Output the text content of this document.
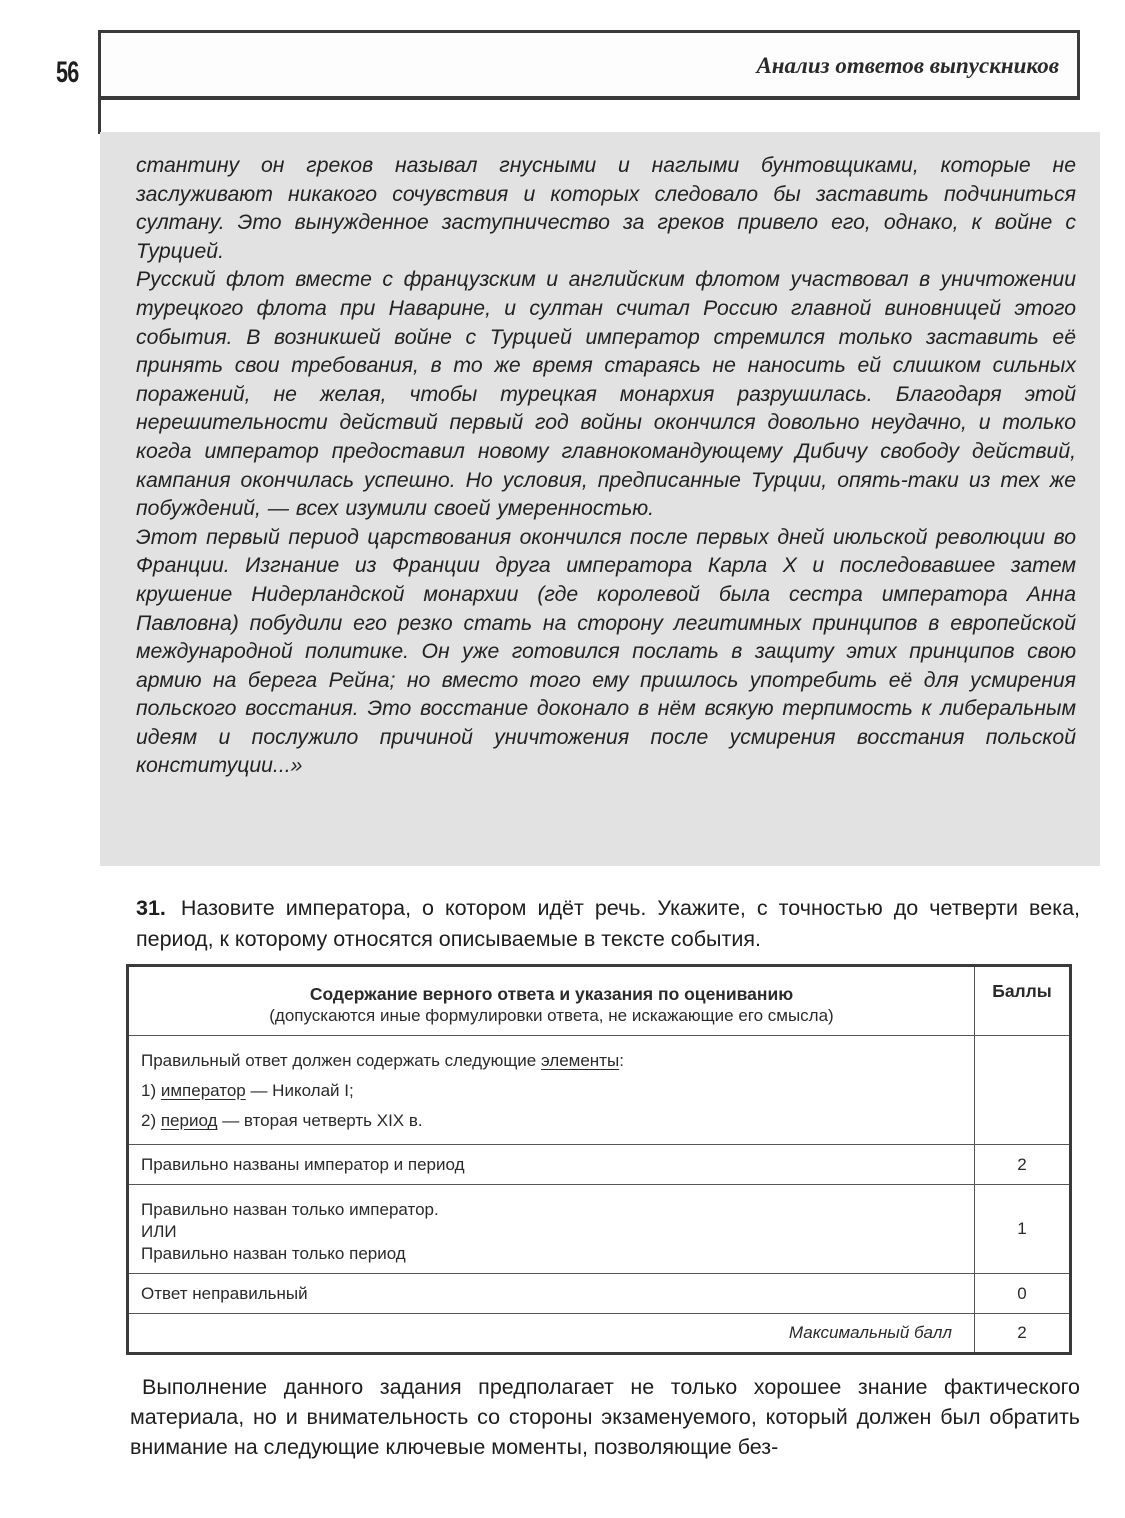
56	Анализ ответов выпускников

стантину он греков называл гнусными и наглыми бунтовщиками, которые не заслуживают никакого сочувствия и которых следовало бы заставить подчиниться султану. Это вынужденное заступничество за греков привело его, однако, к войне с Турцией.

Русский флот вместе с французским и английским флотом участвовал в уничтожении турецкого флота при Наварине, и султан считал Россию главной виновницей этого события. В возникшей войне с Турцией император стремился только заставить её принять свои требования, в то же время стараясь не наносить ей слишком сильных поражений, не желая, чтобы турецкая монархия разрушилась. Благодаря этой нерешительности действий первый год войны окончился довольно неудачно, и только когда император предоставил новому главнокомандующему Дибичу свободу действий, кампания окончилась успешно. Но условия, предписанные Турции, опять-таки из тех же побуждений, — всех изумили своей умеренностью.

Этот первый период царствования окончился после первых дней июльской революции во Франции. Изгнание из Франции друга императора Карла X и последовавшее затем крушение Нидерландской монархии (где королевой была сестра императора Анна Павловна) побудили его резко стать на сторону легитимных принципов в европейской международной политике. Он уже готовился послать в защиту этих принципов свою армию на берега Рейна; но вместо того ему пришлось употребить её для усмирения польского восстания. Это восстание доконало в нём всякую терпимость к либеральным идеям и послужило причиной уничтожения после усмирения восстания польской конституции...»

31. Назовите императора, о котором идёт речь. Укажите, с точностью до четверти века, период, к которому относятся описываемые в тексте события.

Содержание верного ответа и указания по оцениванию
(допускаются иные формулировки ответа, не искажающие его смысла)	Баллы

Правильный ответ должен содержать следующие элементы:
1) император — Николай I;
2) период — вторая четверть XIX в.	

Правильно названы император и период	2

Правильно назван только император.
ИЛИ
Правильно назван только период	1
Ответ неправильный	0
Максимальный балл	2

Выполнение данного задания предполагает не только хорошее знание фактического материала, но и внимательность со стороны экзаменуемого, который должен был обратить внимание на следующие ключевые моменты, позволяющие без-
